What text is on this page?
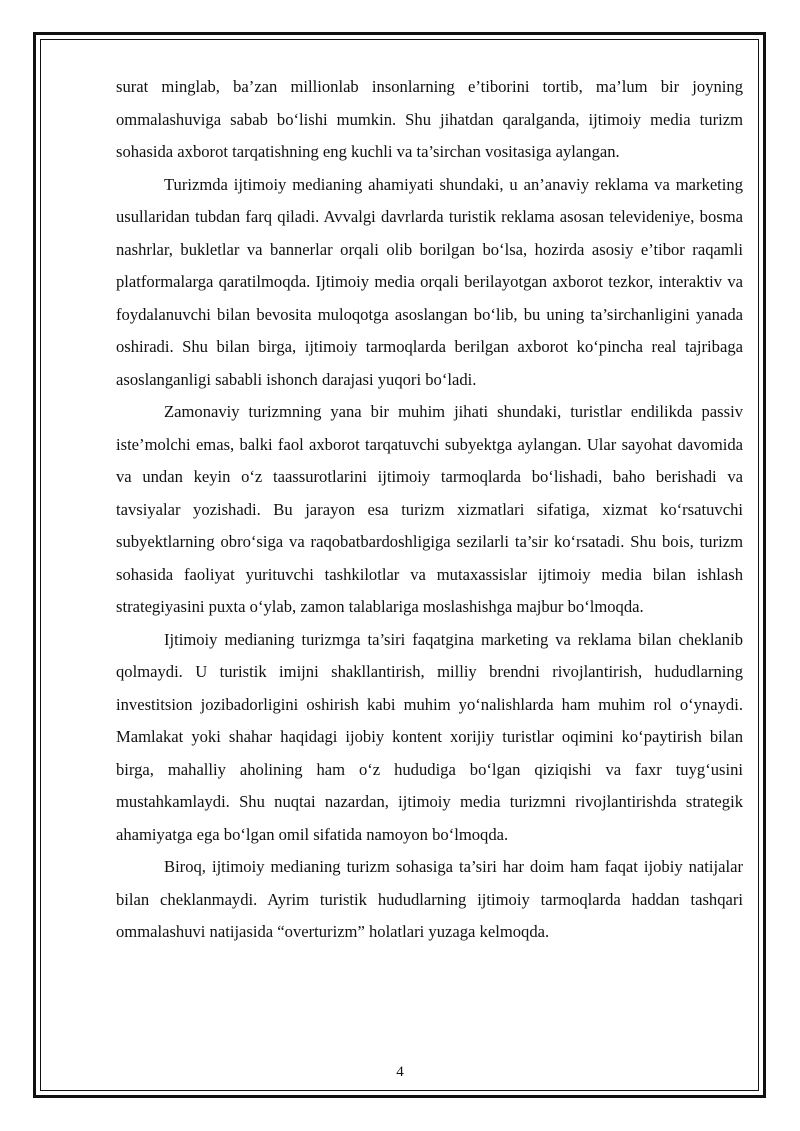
surat minglab, ba’zan millionlab insonlarning e’tiborini tortib, ma’lum bir joyning ommalashuviga sabab bo‘lishi mumkin. Shu jihatdan qaralganda, ijtimoiy media turizm sohasida axborot tarqatishning eng kuchli va ta’sirchan vositasiga aylangan.

Turizmda ijtimoiy medianing ahamiyati shundaki, u an’anaviy reklama va marketing usullaridan tubdan farq qiladi. Avvalgi davrlarda turistik reklama asosan televideniye, bosma nashrlar, bukletlar va bannerlar orqali olib borilgan bo‘lsa, hozirda asosiy e’tibor raqamli platformalarga qaratilmoqda. Ijtimoiy media orqali berilayotgan axborot tezkor, interaktiv va foydalanuvchi bilan bevosita muloqotga asoslangan bo‘lib, bu uning ta’sirchanligini yanada oshiradi. Shu bilan birga, ijtimoiy tarmoqlarda berilgan axborot ko‘pincha real tajribaga asoslanganligi sababli ishonch darajasi yuqori bo‘ladi.

Zamonaviy turizmning yana bir muhim jihati shundaki, turistlar endilikda passiv iste’molchi emas, balki faol axborot tarqatuvchi subyektga aylangan. Ular sayohat davomida va undan keyin o‘z taassurotlarini ijtimoiy tarmoqlarda bo‘lishadi, baho berishadi va tavsiyalar yozishadi. Bu jarayon esa turizm xizmatlari sifatiga, xizmat ko‘rsatuvchi subyektlarning obro‘siga va raqobatbardoshligiga sezilarli ta’sir ko‘rsatadi. Shu bois, turizm sohasida faoliyat yurituvchi tashkilotlar va mutaxassislar ijtimoiy media bilan ishlash strategiyasini puxta o‘ylab, zamon talablariga moslashishga majbur bo‘lmoqda.

Ijtimoiy medianing turizmga ta’siri faqatgina marketing va reklama bilan cheklanib qolmaydi. U turistik imijni shakllantirish, milliy brendni rivojlantirish, hududlarning investitsion jozibadorligini oshirish kabi muhim yo‘nalishlarda ham muhim rol o‘ynaydi. Mamlakat yoki shahar haqidagi ijobiy kontent xorijiy turistlar oqimini ko‘paytirish bilan birga, mahalliy aholining ham o‘z hududiga bo‘lgan qiziqishi va faxr tuyg‘usini mustahkamlaydi. Shu nuqtai nazardan, ijtimoiy media turizmni rivojlantirishda strategik ahamiyatga ega bo‘lgan omil sifatida namoyon bo‘lmoqda.

Biroq, ijtimoiy medianing turizm sohasiga ta’siri har doim ham faqat ijobiy natijalar bilan cheklanmaydi. Ayrim turistik hududlarning ijtimoiy tarmoqlarda haddan tashqari ommalashuvi natijasida “overturizm” holatlari yuzaga kelmoqda.

4
